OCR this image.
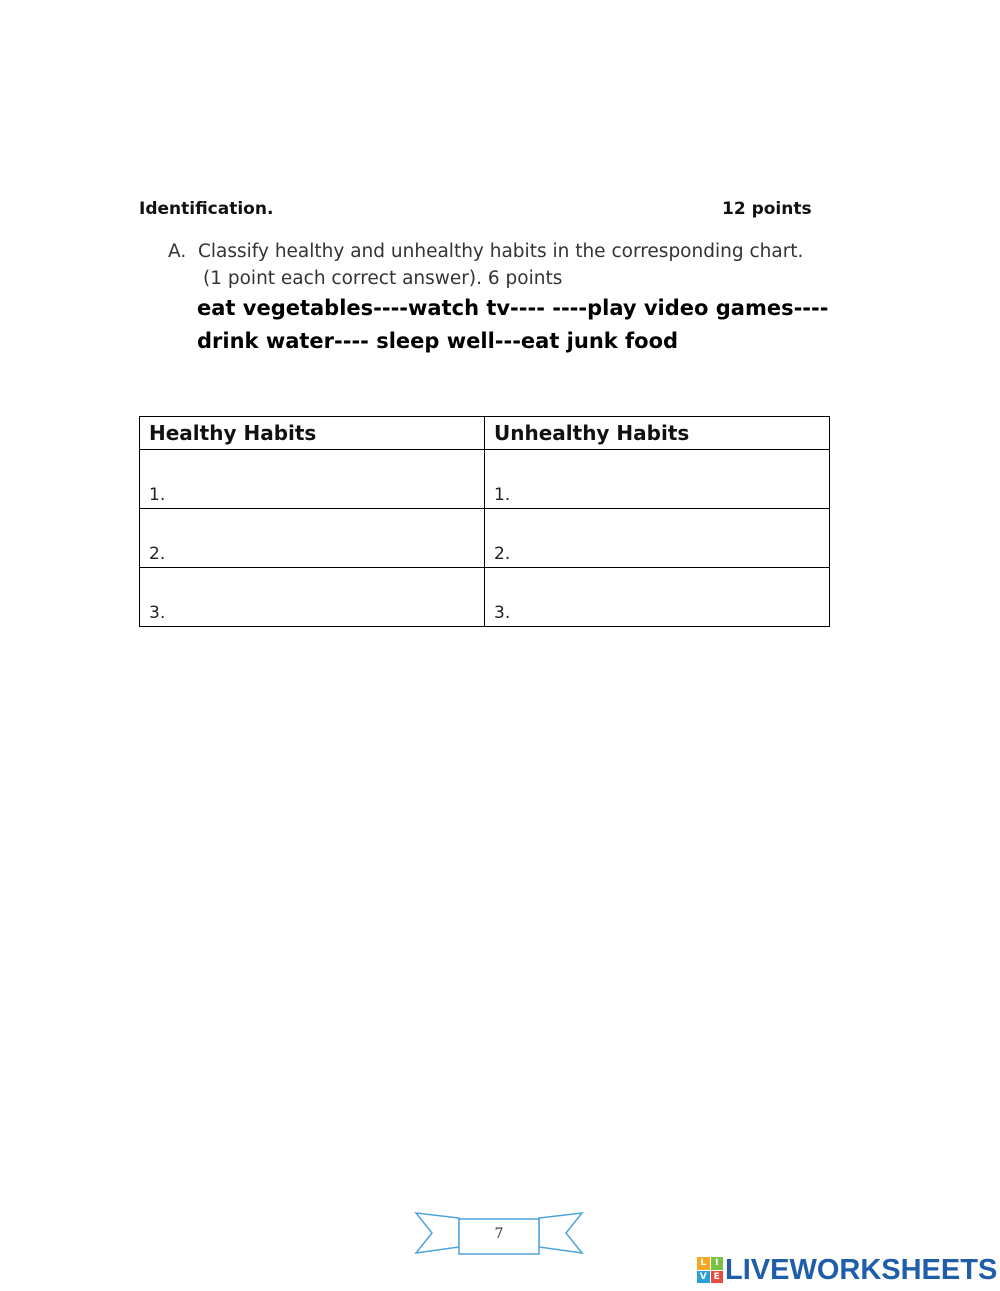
Identification.	12 points
A. Classify healthy and unhealthy habits in the corresponding chart.
(1 point each correct answer). 6 points
eat vegetables----watch tv---- ----play video games----
drink water---- sleep well---eat junk food
Healthy Habits	Unhealthy Habits
1.	1.
2.	2.
3.	3.
7
L I
V E LIVEWORKSHEETS
